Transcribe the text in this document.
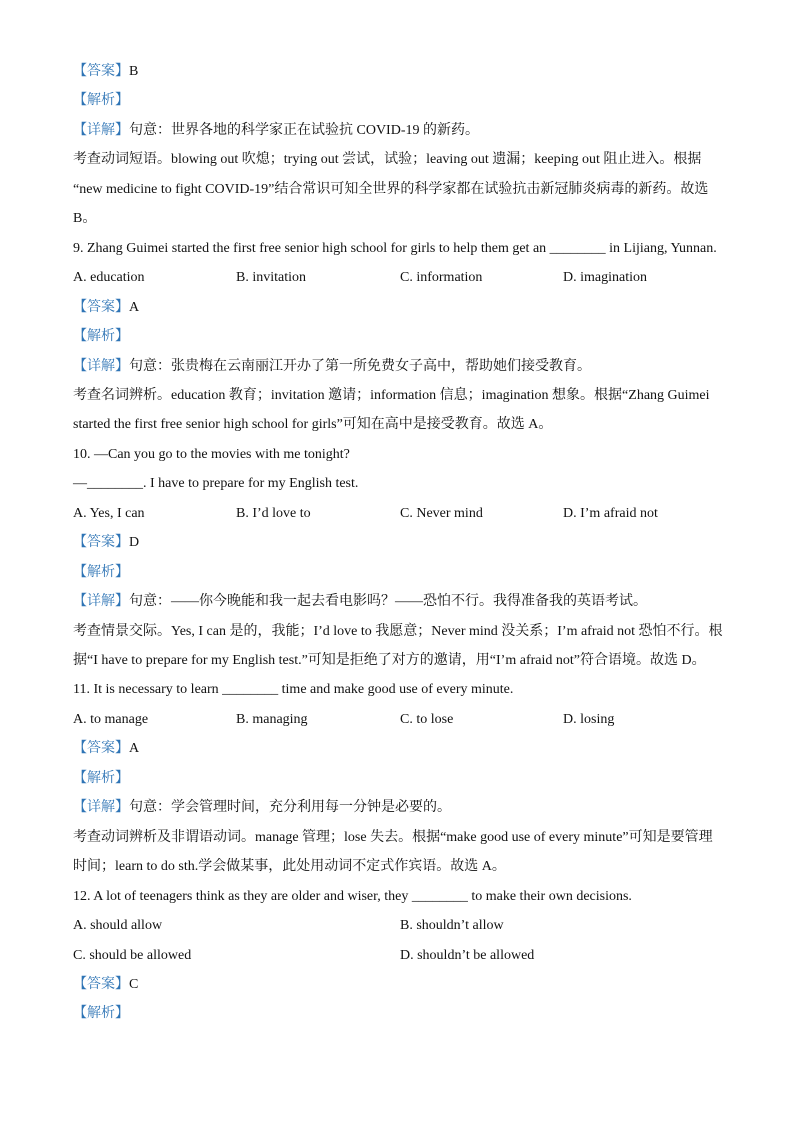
【答案】B
【解析】
【详解】句意：世界各地的科学家正在试验抗 COVID-19 的新药。
考查动词短语。blowing out 吹熄；trying out 尝试，试验；leaving out 遗漏；keeping out 阻止进入。根据
“new medicine to fight COVID-19”结合常识可知全世界的科学家都在试验抗击新冠肺炎病毒的新药。故选
B。
9. Zhang Guimei started the first free senior high school for girls to help them get an ________ in Lijiang, Yunnan.
A. education	B. invitation	C. information	D. imagination
【答案】A
【解析】
【详解】句意：张贵梅在云南丽江开办了第一所免费女子高中，帮助她们接受教育。
考查名词辨析。education 教育；invitation 邀请；information 信息；imagination 想象。根据“Zhang Guimei
started the first free senior high school for girls”可知在高中是接受教育。故选 A。
10. —Can you go to the movies with me tonight?
—________. I have to prepare for my English test.
A. Yes, I can	B. I’d love to	C. Never mind	D. I’m afraid not
【答案】D
【解析】
【详解】句意：——你今晚能和我一起去看电影吗？——恐怕不行。我得准备我的英语考试。
考查情景交际。Yes, I can 是的，我能；I’d love to 我愿意；Never mind 没关系；I’m afraid not 恐怕不行。根
据“I have to prepare for my English test.”可知是拒绝了对方的邀请，用“I’m afraid not”符合语境。故选 D。
11. It is necessary to learn ________ time and make good use of every minute.
A. to manage	B. managing	C. to lose	D. losing
【答案】A
【解析】
【详解】句意：学会管理时间，充分利用每一分钟是必要的。
考查动词辨析及非谓语动词。manage 管理；lose 失去。根据“make good use of every minute”可知是要管理
时间；learn to do sth.学会做某事，此处用动词不定式作宾语。故选 A。
12. A lot of teenagers think as they are older and wiser, they ________ to make their own decisions.
A. should allow	B. shouldn’t allow
C. should be allowed	D. shouldn’t be allowed
【答案】C
【解析】
